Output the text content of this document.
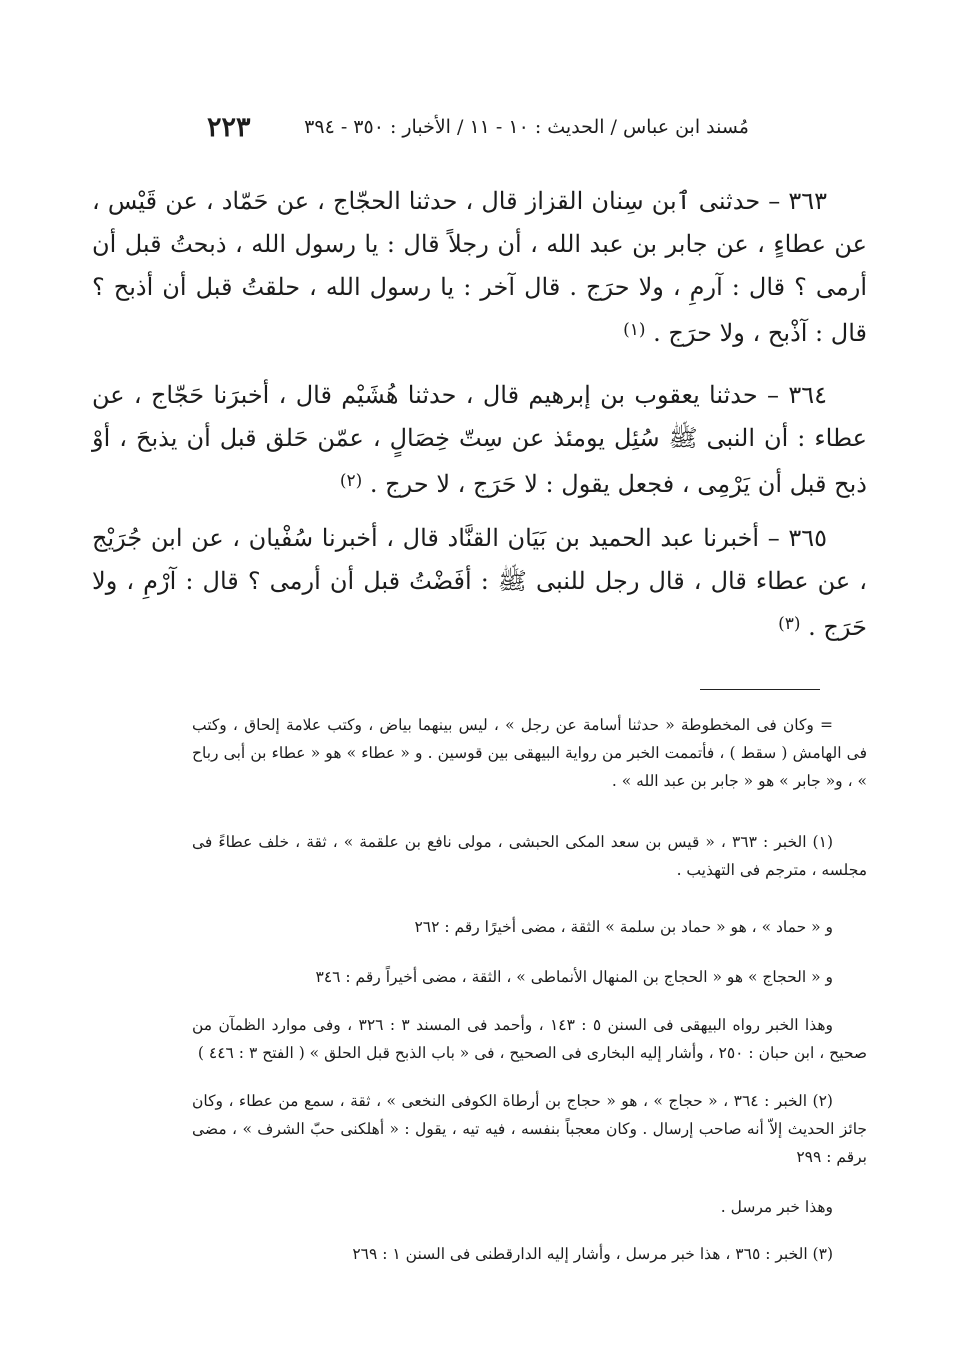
٢٢٣	مُسند ابن عباس / الحديث : ١٠ - ١١ / الأخبار : ٣٥٠ - ٣٩٤

٣٦٣ – حدثنى ٱبن سِنان القزاز قال ، حدثنا الحجّاج ، عن حَمّاد ، عن قَيْس ، عن عطاءٍ ، عن جابر بن عبد الله ، أن رجلاً قال : يا رسول الله ، ذبحتُ قبل أن أرمى ؟ قال : آرمِ ، ولا حرَج . قال آخر : يا رسول الله ، حلقتُ قبل أن أذبح ؟ قال : آذْبح ، ولا حرَج . $^{(١)}$

٣٦٤ – حدثنا يعقوب بن إبرهيم قال ، حدثنا هُشَيْم قال ، أخبرَنا حَجّاج ، عن عطاء : أن النبى ﷺ سُئِل يومئذ عن سِتّ خِصَالٍ ، عمّن حَلق قبل أن يذبحَ ، أوْ ذبح قبل أن يَرْمِى ، فجعل يقول : لا حَرَج ، لا حرج . $^{(٢)}$

٣٦٥ – أخبرنا عبد الحميد بن بَيَان القنَّاد قال ، أخبرنا سُفْيان ، عن ابن جُرَيْج ، عن عطاء قال ، قال رجل للنبى ﷺ : أفَضْتُ قبل أن أرمى ؟ قال : آرْمِ ، ولا حَرَج . $^{(٣)}$

= وكان فى المخطوطة « حدثنا أسامة عن رجل » ، ليس بينهما بياض ، وكتب علامة إلحاق ، وكتب فى الهامش ( سقط ) ، فأتممت الخبر من رواية البيهقى بين قوسين . و « عطاء » هو « عطاء بن أبى رباح » ، و« جابر » هو « جابر بن عبد الله » .

(١) الخبر : ٣٦٣ ، « قيس بن سعد المكى الحبشى ، مولى نافع بن علقمة » ، ثقة ، خلف عطاءً فى مجلسه ، مترجم فى التهذيب .

و « حماد » ، هو « حماد بن سلمة » الثقة ، مضى أخيرًا رقم : ٢٦٢

و « الحجاج » هو « الحجاج بن المنهال الأنماطى » ، الثقة ، مضى أخيراً رقم : ٣٤٦

وهذا الخبر رواه البيهقى فى السنن ٥ : ١٤٣ ، وأحمد فى المسند ٣ : ٣٢٦ ، وفى موارد الظمآن من صحيح ، ابن حبان : ٢٥٠ ، وأشار إليه البخارى فى الصحيح ، فى « باب الذبح قبل الحلق » ( الفتح ٣ : ٤٤٦ )

(٢) الخبر : ٣٦٤ ، « حجاج » ، هو « حجاج بن أرطاة الكوفى النخعى » ، ثقة ، سمع من عطاء ، وكان جائز الحديث إلاّ أنه صاحب إرسال . وكان معجباً بنفسه ، فيه تيه ، يقول : « أهلكنى حبّ الشرف » ، مضى برقم : ٢٩٩

وهذا خبر مرسل .

(٣) الخبر : ٣٦٥ ، هذا خبر مرسل ، وأشار إليه الدارقطنى فى السنن ١ : ٢٦٩
